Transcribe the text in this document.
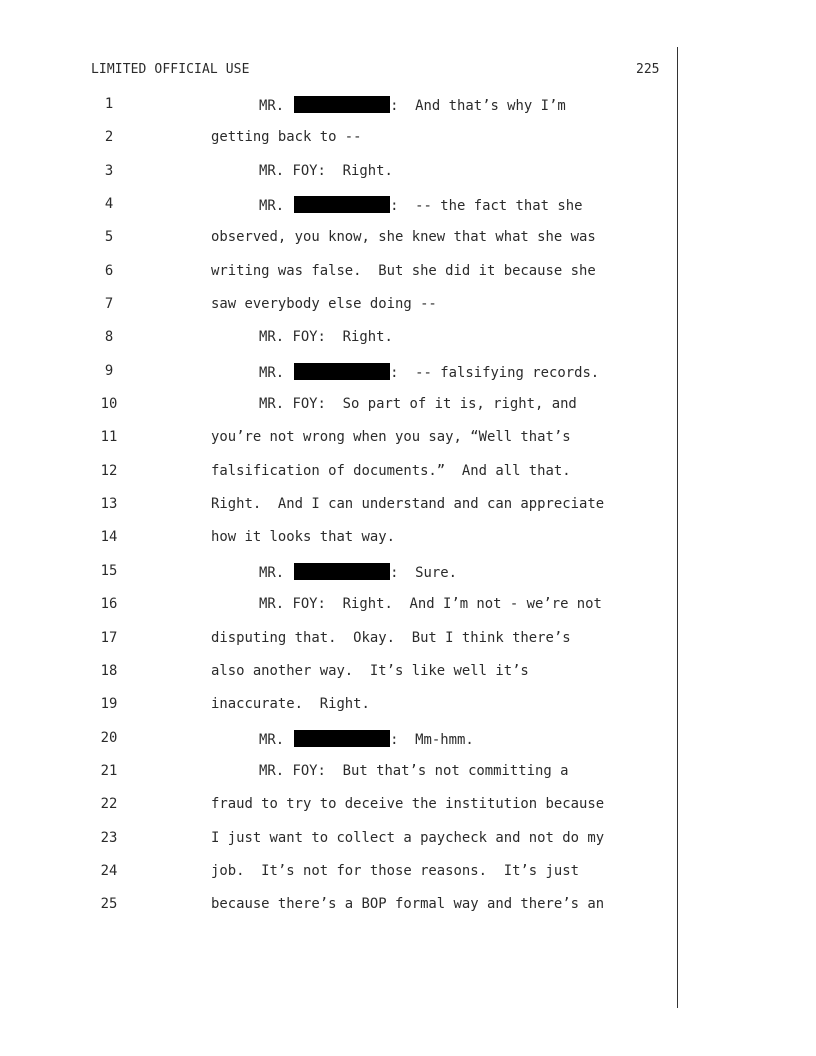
LIMITED OFFICIAL USE	225
1	MR.	:  And that’s why I’m
2	getting back to --
3	MR. FOY:  Right.
4	MR.	:  -- the fact that she
5	observed, you know, she knew that what she was
6	writing was false.  But she did it because she
7	saw everybody else doing --
8	MR. FOY:  Right.
9	MR.	:  -- falsifying records.
10	MR. FOY:  So part of it is, right, and
11	you’re not wrong when you say, “Well that’s
12	falsification of documents.”  And all that.
13	Right.  And I can understand and can appreciate
14	how it looks that way.
15	MR.	:  Sure.
16	MR. FOY:  Right.  And I’m not - we’re not
17	disputing that.  Okay.  But I think there’s
18	also another way.  It’s like well it’s
19	inaccurate.  Right.
20	MR.	:  Mm-hmm.
21	MR. FOY:  But that’s not committing a
22	fraud to try to deceive the institution because
23	I just want to collect a paycheck and not do my
24	job.  It’s not for those reasons.  It’s just
25	because there’s a BOP formal way and there’s an
